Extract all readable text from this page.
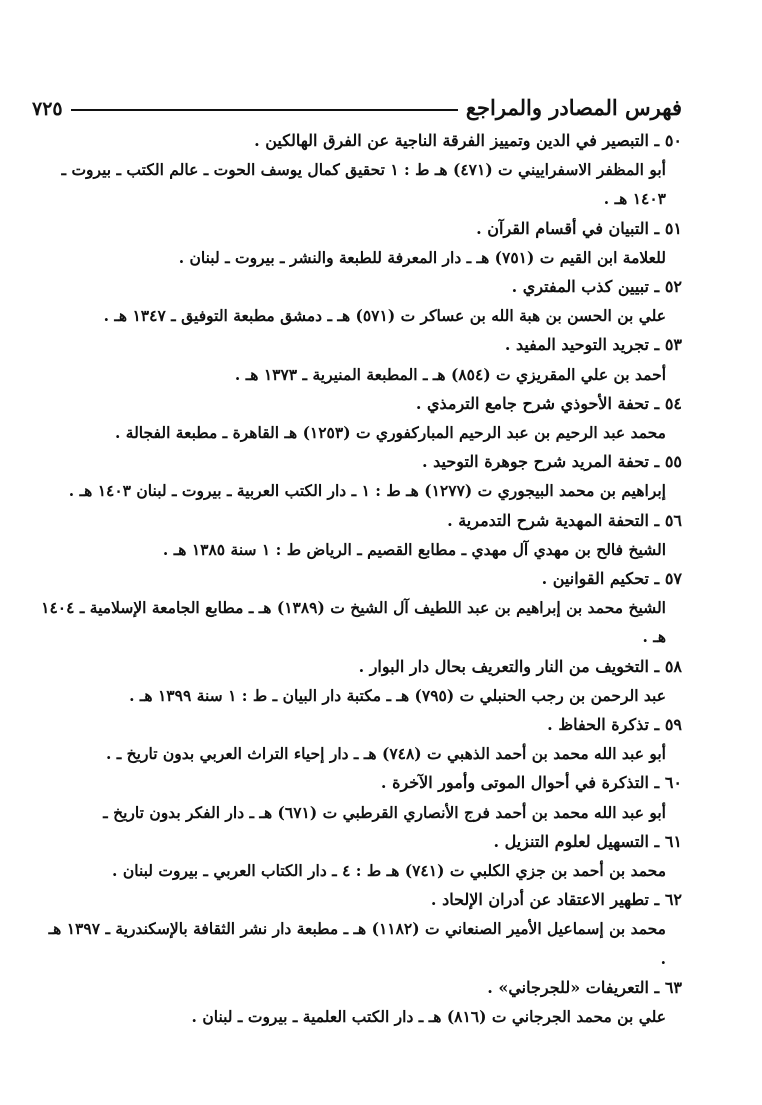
فهرس المصادر والمراجع
٧٢٥
٥٠ ـ التبصير في الدين وتمييز الفرقة الناجية عن الفرق الهالكين .
أبو المظفر الاسفراييني ت (٤٧١) هـ ط : ١ تحقيق كمال يوسف الحوت ـ عالم الكتب ـ بيروت ـ ١٤٠٣ هـ .
٥١ ـ التبيان في أقسام القرآن .
للعلامة ابن القيم ت (٧٥١) هـ ـ دار المعرفة للطبعة والنشر ـ بيروت ـ لبنان .
٥٢ ـ تبيين كذب المفتري .
علي بن الحسن بن هبة الله بن عساكر ت (٥٧١) هـ ـ دمشق مطبعة التوفيق ـ ١٣٤٧ هـ .
٥٣ ـ تجريد التوحيد المفيد .
أحمد بن علي المقريزي ت (٨٥٤) هـ ـ المطبعة المنيرية ـ ١٣٧٣ هـ .
٥٤ ـ تحفة الأحوذي شرح جامع الترمذي .
محمد عبد الرحيم بن عبد الرحيم المباركفوري ت (١٢٥٣) هـ القاهرة ـ مطبعة الفجالة .
٥٥ ـ تحفة المريد شرح جوهرة التوحيد .
إبراهيم بن محمد البيجوري ت (١٢٧٧) هـ ط : ١ ـ دار الكتب العربية ـ بيروت ـ لبنان ١٤٠٣ هـ .
٥٦ ـ التحفة المهدية شرح التدمرية .
الشيخ فالح بن مهدي آل مهدي ـ مطابع القصيم ـ الرياض ط : ١ سنة ١٣٨٥ هـ .
٥٧ ـ تحكيم القوانين .
الشيخ محمد بن إبراهيم بن عبد اللطيف آل الشيخ ت (١٣٨٩) هـ ـ مطابع الجامعة الإسلامية ـ ١٤٠٤ هـ .
٥٨ ـ التخويف من النار والتعريف بحال دار البوار .
عبد الرحمن بن رجب الحنبلي ت (٧٩٥) هـ ـ مكتبة دار البيان ـ ط : ١ سنة ١٣٩٩ هـ .
٥٩ ـ تذكرة الحفاظ .
أبو عبد الله محمد بن أحمد الذهبي ت (٧٤٨) هـ ـ دار إحياء التراث العربي بدون تاريخ ـ .
٦٠ ـ التذكرة في أحوال الموتى وأمور الآخرة .
أبو عبد الله محمد بن أحمد فرج الأنصاري القرطبي ت (٦٧١) هـ ـ دار الفكر بدون تاريخ ـ
٦١ ـ التسهيل لعلوم التنزيل .
محمد بن أحمد بن جزي الكلبي ت (٧٤١) هـ ط : ٤ ـ دار الكتاب العربي ـ بيروت لبنان .
٦٢ ـ تطهير الاعتقاد عن أدران الإلحاد .
محمد بن إسماعيل الأمير الصنعاني ت (١١٨٢) هـ ـ مطبعة دار نشر الثقافة بالإسكندرية ـ ١٣٩٧ هـ .
٦٣ ـ التعريفات «للجرجاني» .
علي بن محمد الجرجاني ت (٨١٦) هـ ـ دار الكتب العلمية ـ بيروت ـ لبنان .
